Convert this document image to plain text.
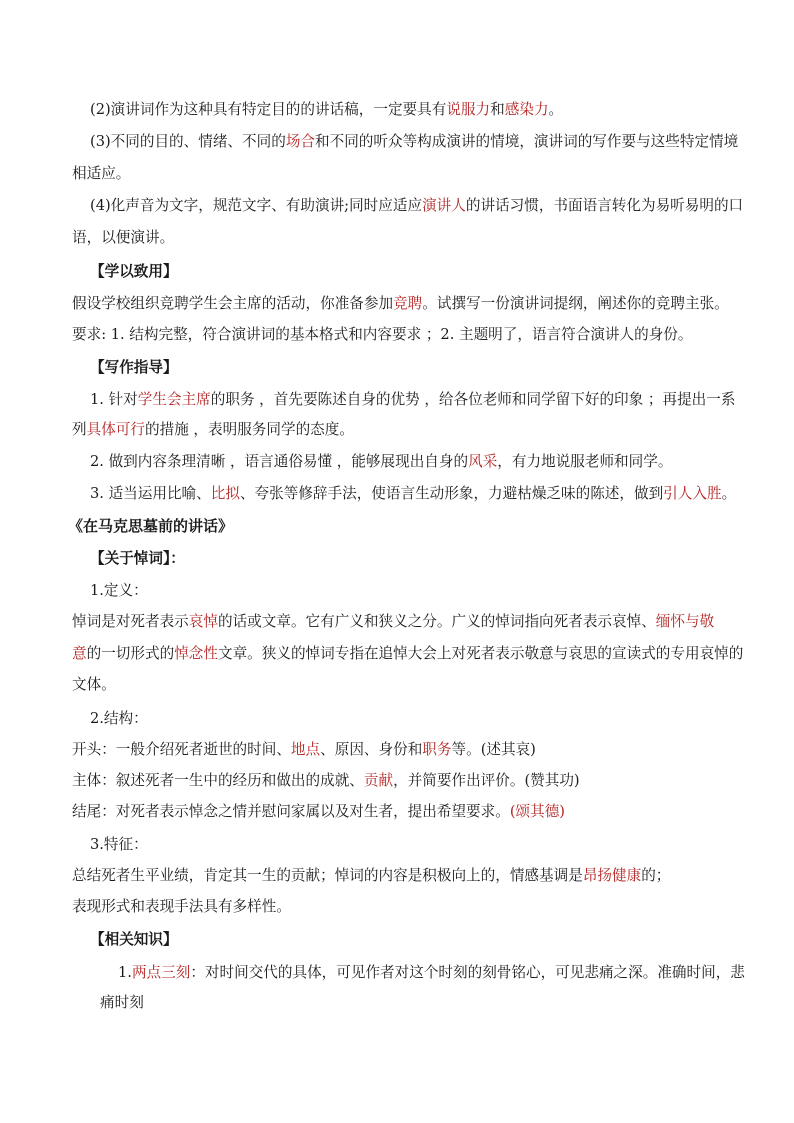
(2)演讲词作为这种具有特定目的的讲话稿，一定要具有说服力和感染力。
(3)不同的目的、情绪、不同的场合和不同的听众等构成演讲的情境，演讲词的写作要与这些特定情境
相适应。
(4)化声音为文字，规范文字、有助演讲;同时应适应演讲人的讲话习惯，书面语言转化为易听易明的口
语，以便演讲。
【学以致用】
假设学校组织竞聘学生会主席的活动，你准备参加竞聘。试撰写一份演讲词提纲，阐述你的竞聘主张。
要求: 1. 结构完整，符合演讲词的基本格式和内容要求 ；2. 主题明了，语言符合演讲人的身份。
【写作指导】
1. 针对学生会主席的职务 ，首先要陈述自身的优势 ，给各位老师和同学留下好的印象 ；再提出一系
列具体可行的措施 ，表明服务同学的态度。
2. 做到内容条理清晰 ，语言通俗易懂 ，能够展现出自身的风采，有力地说服老师和同学。
3. 适当运用比喻、比拟、夸张等修辞手法，使语言生动形象，力避枯燥乏味的陈述，做到引人入胜。
《在马克思墓前的讲话》
【关于悼词】：
1.定义：
悼词是对死者表示哀悼的话或文章。它有广义和狭义之分。广义的悼词指向死者表示哀悼、缅怀与敬
意的一切形式的悼念性文章。狭义的悼词专指在追悼大会上对死者表示敬意与哀思的宣读式的专用哀悼的
文体。
2.结构：
开头：一般介绍死者逝世的时间、地点、原因、身份和职务等。(述其哀)
主体：叙述死者一生中的经历和做出的成就、贡献，并简要作出评价。(赞其功)
结尾：对死者表示悼念之情并慰问家属以及对生者，提出希望要求。(颂其德)
3.特征：
总结死者生平业绩，肯定其一生的贡献；悼词的内容是积极向上的，情感基调是昂扬健康的；
表现形式和表现手法具有多样性。
【相关知识】
1.两点三刻：对时间交代的具体，可见作者对这个时刻的刻骨铭心，可见悲痛之深。准确时间，悲
痛时刻
